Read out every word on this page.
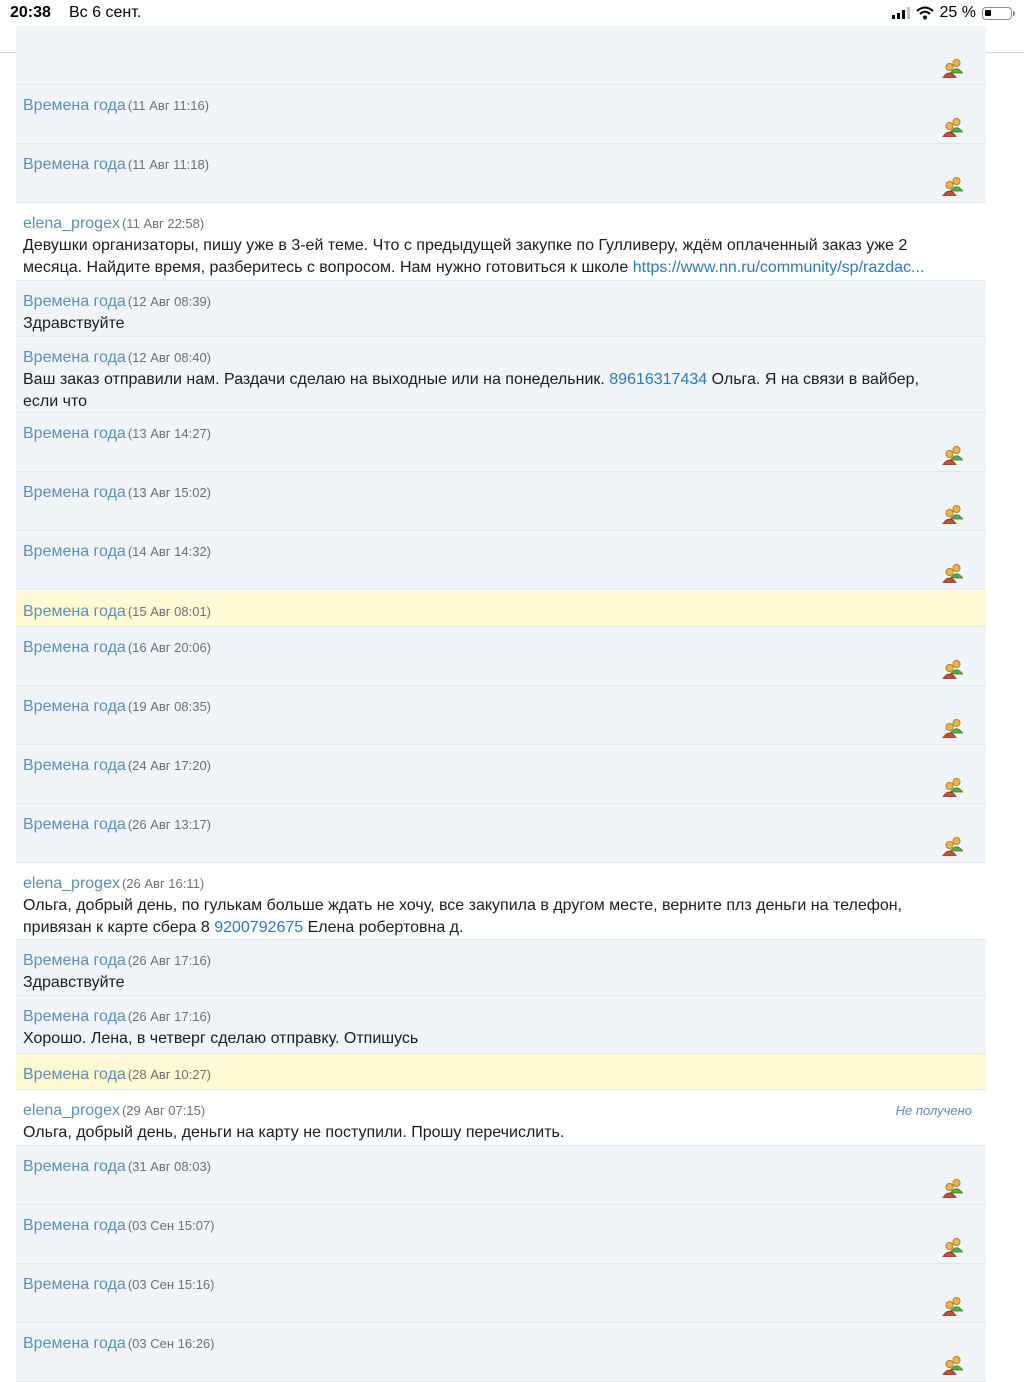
20:38 Вс 6 сент.	25 %
Времена года (11 Авг 11:16)
Времена года (11 Авг 11:18)
elena_progex (11 Авг 22:58)
Девушки организаторы, пишу уже в 3-ей теме. Что с предыдущей закупке по Гулливеру, ждём оплаченный заказ уже 2
месяца. Найдите время, разберитесь с вопросом. Нам нужно готовиться к школе https://www.nn.ru/community/sp/razdac...
Времена года (12 Авг 08:39)
Здравствуйте
Времена года (12 Авг 08:40)
Ваш заказ отправили нам. Раздачи сделаю на выходные или на понедельник. 89616317434 Ольга. Я на связи в вайбер,
если что
Времена года (13 Авг 14:27)
Времена года (13 Авг 15:02)
Времена года (14 Авг 14:32)
Времена года (15 Авг 08:01)
Времена года (16 Авг 20:06)
Времена года (19 Авг 08:35)
Времена года (24 Авг 17:20)
Времена года (26 Авг 13:17)
elena_progex (26 Авг 16:11)
Ольга, добрый день, по гулькам больше ждать не хочу, все закупила в другом месте, верните плз деньги на телефон,
привязан к карте сбера 8 9200792675 Елена робертовна д.
Времена года (26 Авг 17:16)
Здравствуйте
Времена года (26 Авг 17:16)
Хорошо. Лена, в четверг сделаю отправку. Отпишусь
Времена года (28 Авг 10:27)
elena_progex (29 Авг 07:15)
Ольга, добрый день, деньги на карту не поступили. Прошу перечислить.
Не получено
Времена года (31 Авг 08:03)
Времена года (03 Сен 15:07)
Времена года (03 Сен 15:16)
Времена года (03 Сен 16:26)
